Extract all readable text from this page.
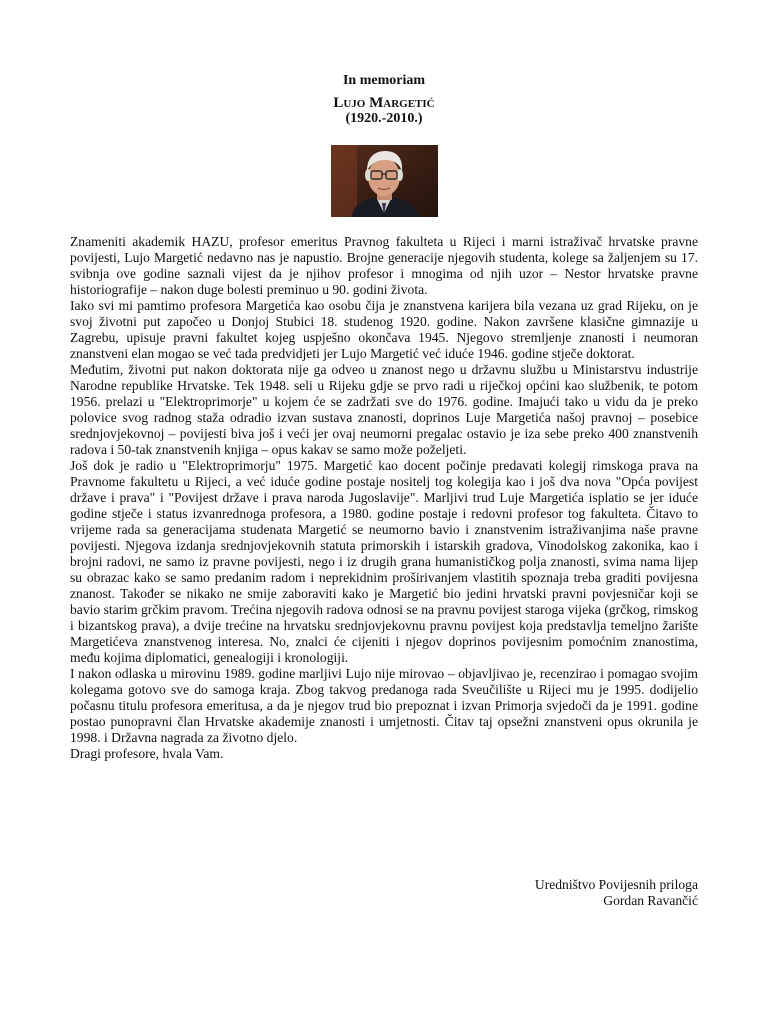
In memoriam
Lujo Margetić
(1920.-2010.)

Znameniti akademik HAZU, profesor emeritus Pravnog fakulteta u Rijeci i marni istraživač hrvatske pravne povijesti, Lujo Margetić nedavno nas je napustio. Brojne generacije njegovih studenta, kolege sa žaljenjem su 17. svibnja ove godine saznali vijest da je njihov profesor i mnogima od njih uzor – Nestor hrvatske pravne historiografije – nakon duge bolesti preminuo u 90. godini života.

Iako svi mi pamtimo profesora Margetića kao osobu čija je znanstvena karijera bila vezana uz grad Rijeku, on je svoj životni put započeo u Donjoj Stubici 18. studenog 1920. godine. Nakon završene klasične gimnazije u Zagrebu, upisuje pravni fakultet kojeg uspješno okončava 1945. Njegovo stremljenje znanosti i neumoran znanstveni elan mogao se već tada predvidjeti jer Lujo Margetić već iduće 1946. godine stječe doktorat.

Međutim, životni put nakon doktorata nije ga odveo u znanost nego u državnu službu u Ministarstvu industrije Narodne republike Hrvatske. Tek 1948. seli u Rijeku gdje se prvo radi u riječkoj općini kao službenik, te potom 1956. prelazi u "Elektroprimorje" u kojem će se zadržati sve do 1976. godine. Imajući tako u vidu da je preko polovice svog radnog staža odradio izvan sustava znanosti, doprinos Luje Margetića našoj pravnoj – posebice srednjovjekovnoj – povijesti biva još i veći jer ovaj neumorni pregalac ostavio je iza sebe preko 400 znanstvenih radova i 50-tak znanstvenih knjiga – opus kakav se samo može poželjeti.

Još dok je radio u "Elektroprimorju" 1975. Margetić kao docent počinje predavati kolegij rimskoga prava na Pravnome fakultetu u Rijeci, a već iduće godine postaje nositelj tog kolegija kao i još dva nova "Opća povijest države i prava" i "Povijest države i prava naroda Jugoslavije". Marljivi trud Luje Margetića isplatio se jer iduće godine stječe i status izvanrednoga profesora, a 1980. godine postaje i redovni profesor tog fakulteta. Čitavo to vrijeme rada sa generacijama studenata Margetić se neumorno bavio i znanstvenim istraživanjima naše pravne povijesti. Njegova izdanja srednjovjekovnih statuta primorskih i istarskih gradova, Vinodolskog zakonika, kao i brojni radovi, ne samo iz pravne povijesti, nego i iz drugih grana humanističkog polja znanosti, svima nama lijep su obrazac kako se samo predanim radom i neprekidnim proširivanjem vlastitih spoznaja treba graditi povijesna znanost. Također se nikako ne smije zaboraviti kako je Margetić bio jedini hrvatski pravni povjesničar koji se bavio starim grčkim pravom. Trećina njegovih radova odnosi se na pravnu povijest staroga vijeka (grčkog, rimskog i bizantskog prava), a dvije trećine na hrvatsku srednjovjekovnu pravnu povijest koja predstavlja temeljno žarište Margetićeva znanstvenog interesa. No, znalci će cijeniti i njegov doprinos povijesnim pomoćnim znanostima, među kojima diplomatici, genealogiji i kronologiji.

I nakon odlaska u mirovinu 1989. godine marljivi Lujo nije mirovao – objavljivao je, recenzirao i pomagao svojim kolegama gotovo sve do samoga kraja. Zbog takvog predanoga rada Sveučilište u Rijeci mu je 1995. dodijelio počasnu titulu profesora emeritusa, a da je njegov trud bio prepoznat i izvan Primorja svjedoči da je 1991. godine postao punopravni član Hrvatske akademije znanosti i umjetnosti. Čitav taj opsežni znanstveni opus okrunila je 1998. i Državna nagrada za životno djelo.

Dragi profesore, hvala Vam.

Uredništvo Povijesnih priloga
Gordan Ravančić
